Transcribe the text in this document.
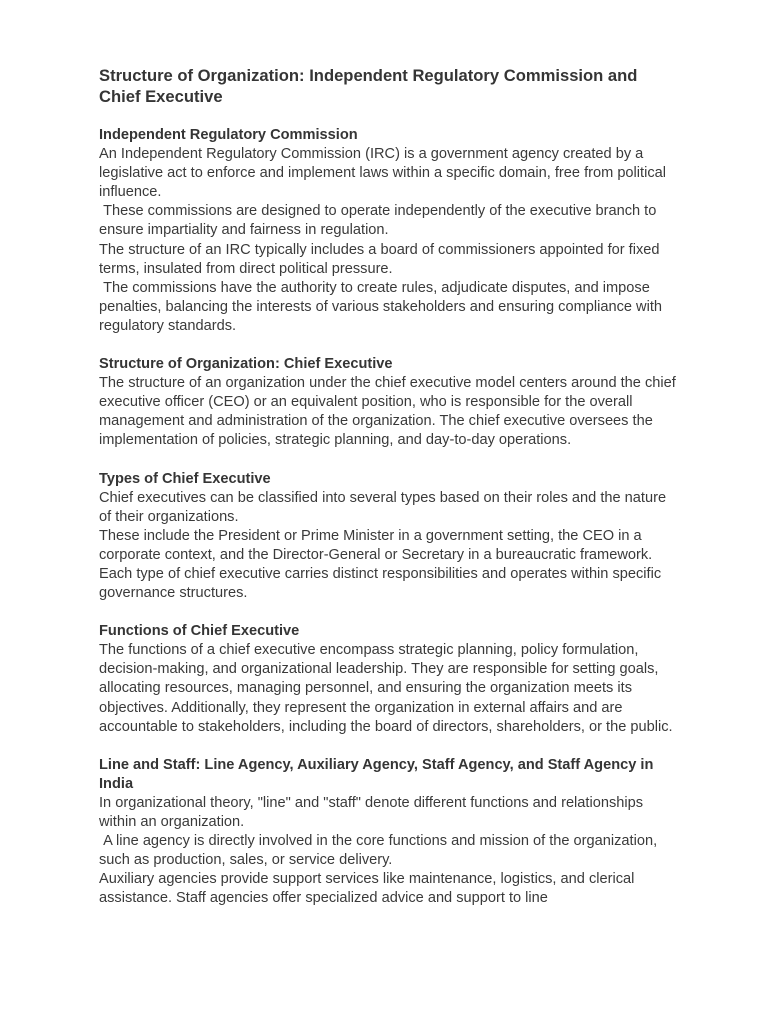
Structure of Organization: Independent Regulatory Commission and Chief Executive

Independent Regulatory Commission

An Independent Regulatory Commission (IRC) is a government agency created by a legislative act to enforce and implement laws within a specific domain, free from political influence.

These commissions are designed to operate independently of the executive branch to ensure impartiality and fairness in regulation.

The structure of an IRC typically includes a board of commissioners appointed for fixed terms, insulated from direct political pressure.

The commissions have the authority to create rules, adjudicate disputes, and impose penalties, balancing the interests of various stakeholders and ensuring compliance with regulatory standards.

Structure of Organization: Chief Executive

The structure of an organization under the chief executive model centers around the chief executive officer (CEO) or an equivalent position, who is responsible for the overall management and administration of the organization. The chief executive oversees the implementation of policies, strategic planning, and day-to-day operations.

Types of Chief Executive

Chief executives can be classified into several types based on their roles and the nature of their organizations.

These include the President or Prime Minister in a government setting, the CEO in a corporate context, and the Director-General or Secretary in a bureaucratic framework.

Each type of chief executive carries distinct responsibilities and operates within specific governance structures.

Functions of Chief Executive

The functions of a chief executive encompass strategic planning, policy formulation, decision-making, and organizational leadership. They are responsible for setting goals, allocating resources, managing personnel, and ensuring the organization meets its objectives. Additionally, they represent the organization in external affairs and are accountable to stakeholders, including the board of directors, shareholders, or the public.

Line and Staff: Line Agency, Auxiliary Agency, Staff Agency, and Staff Agency in India

In organizational theory, "line" and "staff" denote different functions and relationships within an organization.

A line agency is directly involved in the core functions and mission of the organization, such as production, sales, or service delivery.

Auxiliary agencies provide support services like maintenance, logistics, and clerical assistance. Staff agencies offer specialized advice and support to line
